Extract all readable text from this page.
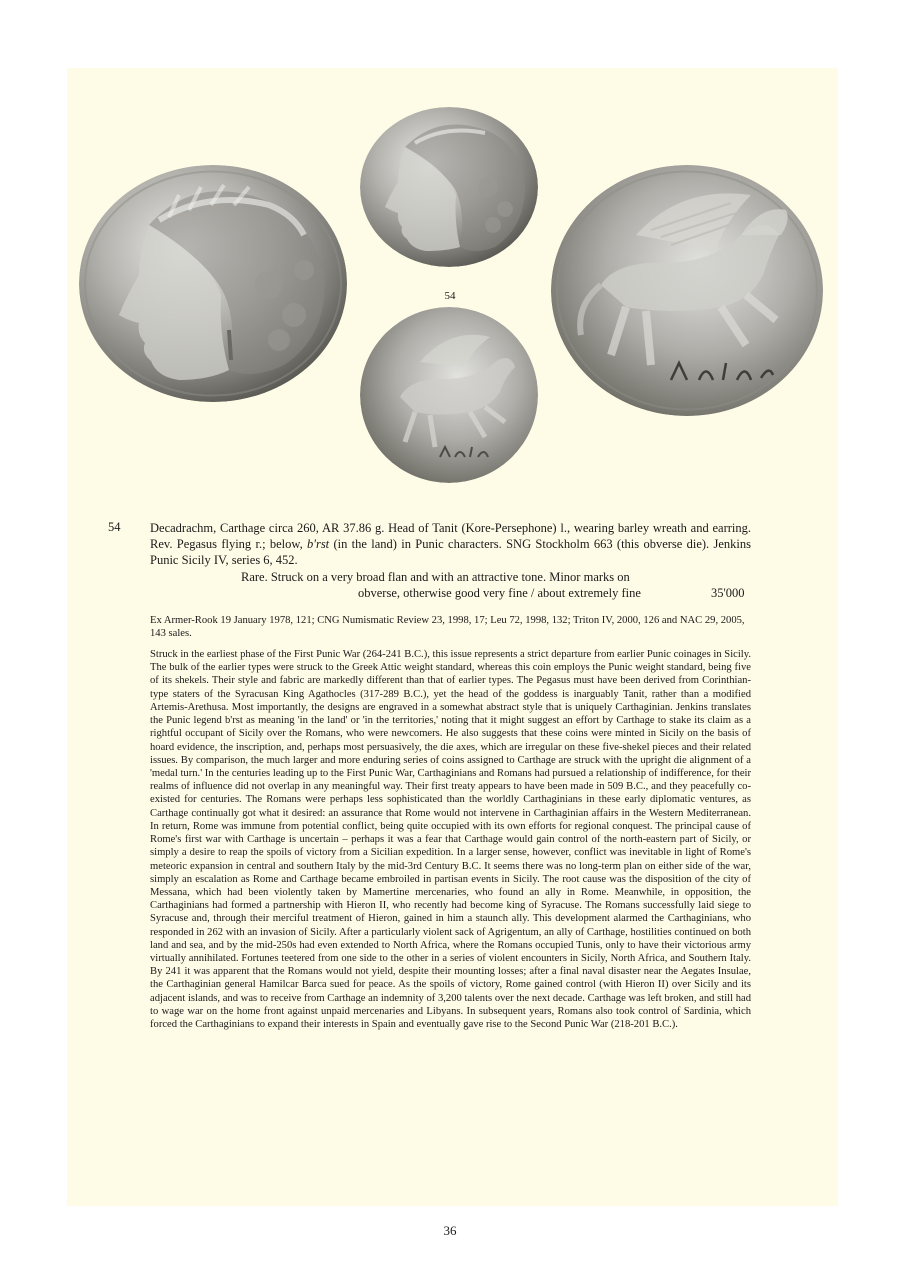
54
54 Decadrachm, Carthage circa 260, AR 37.86 g. Head of Tanit (Kore-Persephone) l., wearing barley wreath and earring. Rev. Pegasus flying r.; below, b'rst (in the land) in Punic characters. SNG Stockholm 663 (this obverse die). Jenkins Punic Sicily IV, series 6, 452.
Rare. Struck on a very broad flan and with an attractive tone. Minor marks on
obverse, otherwise good very fine / about extremely fine	35'000
Ex Armer-Rook 19 January 1978, 121; CNG Numismatic Review 23, 1998, 17; Leu 72, 1998, 132; Triton IV, 2000, 126 and NAC 29, 2005, 143 sales.
Struck in the earliest phase of the First Punic War (264-241 B.C.), this issue represents a strict departure from earlier Punic coinages in Sicily. The bulk of the earlier types were struck to the Greek Attic weight standard, whereas this coin employs the Punic weight standard, being five of its shekels. Their style and fabric are markedly different than that of earlier types. The Pegasus must have been derived from Corinthian-type staters of the Syracusan King Agathocles (317-289 B.C.), yet the head of the goddess is inarguably Tanit, rather than a modified Artemis-Arethusa. Most importantly, the designs are engraved in a somewhat abstract style that is uniquely Carthaginian. Jenkins translates the Punic legend b'rst as meaning 'in the land' or 'in the territories,' noting that it might suggest an effort by Carthage to stake its claim as a rightful occupant of Sicily over the Romans, who were newcomers. He also suggests that these coins were minted in Sicily on the basis of hoard evidence, the inscription, and, perhaps most persuasively, the die axes, which are irregular on these five-shekel pieces and their related issues. By comparison, the much larger and more enduring series of coins assigned to Carthage are struck with the upright die alignment of a 'medal turn.' In the centuries leading up to the First Punic War, Carthaginians and Romans had pursued a relationship of indifference, for their realms of influence did not overlap in any meaningful way. Their first treaty appears to have been made in 509 B.C., and they peacefully co-existed for centuries. The Romans were perhaps less sophisticated than the worldly Carthaginians in these early diplomatic ventures, as Carthage continually got what it desired: an assurance that Rome would not intervene in Carthaginian affairs in the Western Mediterranean. In return, Rome was immune from potential conflict, being quite occupied with its own efforts for regional conquest. The principal cause of Rome's first war with Carthage is uncertain – perhaps it was a fear that Carthage would gain control of the north-eastern part of Sicily, or simply a desire to reap the spoils of victory from a Sicilian expedition. In a larger sense, however, conflict was inevitable in light of Rome's meteoric expansion in central and southern Italy by the mid-3rd Century B.C. It seems there was no long-term plan on either side of the war, simply an escalation as Rome and Carthage became embroiled in partisan events in Sicily. The root cause was the disposition of the city of Messana, which had been violently taken by Mamertine mercenaries, who found an ally in Rome. Meanwhile, in opposition, the Carthaginians had formed a partnership with Hieron II, who recently had become king of Syracuse. The Romans successfully laid siege to Syracuse and, through their merciful treatment of Hieron, gained in him a staunch ally. This development alarmed the Carthaginians, who responded in 262 with an invasion of Sicily. After a particularly violent sack of Agrigentum, an ally of Carthage, hostilities continued on both land and sea, and by the mid-250s had even extended to North Africa, where the Romans occupied Tunis, only to have their victorious army virtually annihilated. Fortunes teetered from one side to the other in a series of violent encounters in Sicily, North Africa, and Southern Italy. By 241 it was apparent that the Romans would not yield, despite their mounting losses; after a final naval disaster near the Aegates Insulae, the Carthaginian general Hamilcar Barca sued for peace. As the spoils of victory, Rome gained control (with Hieron II) over Sicily and its adjacent islands, and was to receive from Carthage an indemnity of 3,200 talents over the next decade. Carthage was left broken, and still had to wage war on the home front against unpaid mercenaries and Libyans. In subsequent years, Romans also took control of Sardinia, which forced the Carthaginians to expand their interests in Spain and eventually gave rise to the Second Punic War (218-201 B.C.).
36
